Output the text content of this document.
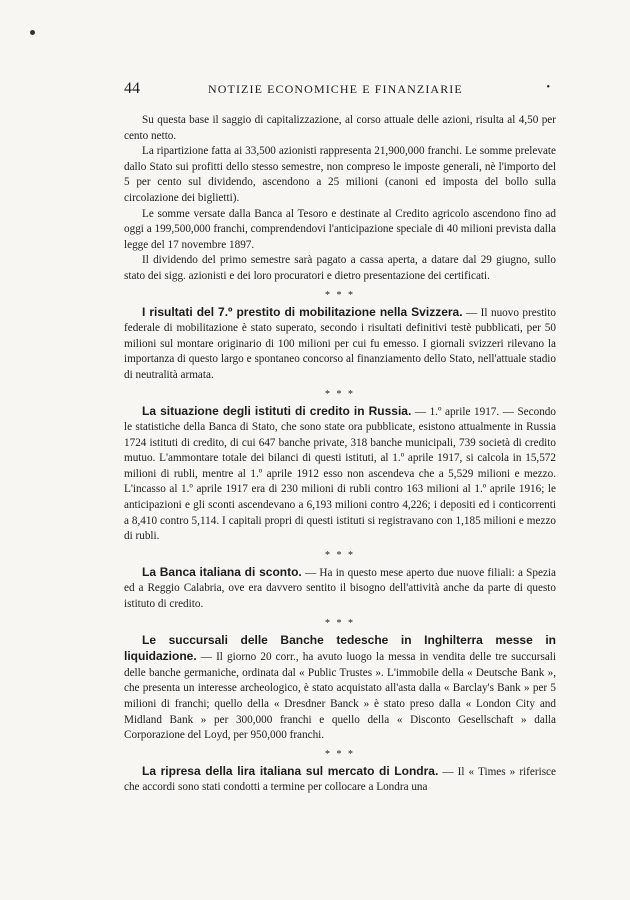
44	NOTIZIE ECONOMICHE E FINANZIARIE	•

Su questa base il saggio di capitalizzazione, al corso attuale delle azioni, risulta al 4,50 per cento netto.

La ripartizione fatta ai 33,500 azionisti rappresenta 21,900,000 franchi. Le somme prelevate dallo Stato sui profitti dello stesso semestre, non compreso le imposte generali, nè l'importo del 5 per cento sul dividendo, ascendono a 25 milioni (canoni ed imposta del bollo sulla circolazione dei biglietti).

Le somme versate dalla Banca al Tesoro e destinate al Credito agricolo ascendono fino ad oggi a 199,500,000 franchi, comprendendovi l'anticipazione speciale di 40 milioni prevista dalla legge del 17 novembre 1897.

Il dividendo del primo semestre sarà pagato a cassa aperta, a datare dal 29 giugno, sullo stato dei sigg. azionisti e dei loro procuratori e dietro presentazione dei certificati.

* * *

I risultati del 7.º prestito di mobilitazione nella Svizzera. — Il nuovo prestito federale di mobilitazione è stato superato, secondo i risultati definitivi testè pubblicati, per 50 milioni sul montare originario di 100 milioni per cui fu emesso. I giornali svizzeri rilevano la importanza di questo largo e spontaneo concorso al finanziamento dello Stato, nell'attuale stadio di neutralità armata.

* * *

La situazione degli istituti di credito in Russia. — 1.º aprile 1917. — Secondo le statistiche della Banca di Stato, che sono state ora pubblicate, esistono attualmente in Russia 1724 istituti di credito, di cui 647 banche private, 318 banche municipali, 739 società di credito mutuo. L'ammontare totale dei bilanci di questi istituti, al 1.º aprile 1917, si calcola in 15,572 milioni di rubli, mentre al 1.º aprile 1912 esso non ascendeva che a 5,529 milioni e mezzo. L'incasso al 1.º aprile 1917 era di 230 milioni di rubli contro 163 milioni al 1.º aprile 1916; le anticipazioni e gli sconti ascendevano a 6,193 milioni contro 4,226; i depositi ed i conticorrenti a 8,410 contro 5,114. I capitali propri di questi istituti si registravano con 1,185 milioni e mezzo di rubli.

* * *

La Banca italiana di sconto. — Ha in questo mese aperto due nuove filiali: a Spezia ed a Reggio Calabria, ove era davvero sentito il bisogno dell'attività anche da parte di questo istituto di credito.

* * *

Le succursali delle Banche tedesche in Inghilterra messe in liquidazione. — Il giorno 20 corr., ha avuto luogo la messa in vendita delle tre succursali delle banche germaniche, ordinata dal « Public Trustes ». L'immobile della « Deutsche Bank », che presenta un interesse archeologico, è stato acquistato all'asta dalla « Barclay's Bank » per 5 milioni di franchi; quello della « Dresdner Banck » è stato preso dalla « London City and Midland Bank » per 300,000 franchi e quello della « Disconto Gesellschaft » dalla Corporazione del Loyd, per 950,000 franchi.

* * *

La ripresa della lira italiana sul mercato di Londra. — Il « Times » riferisce che accordi sono stati condotti a termine per collocare a Londra una
